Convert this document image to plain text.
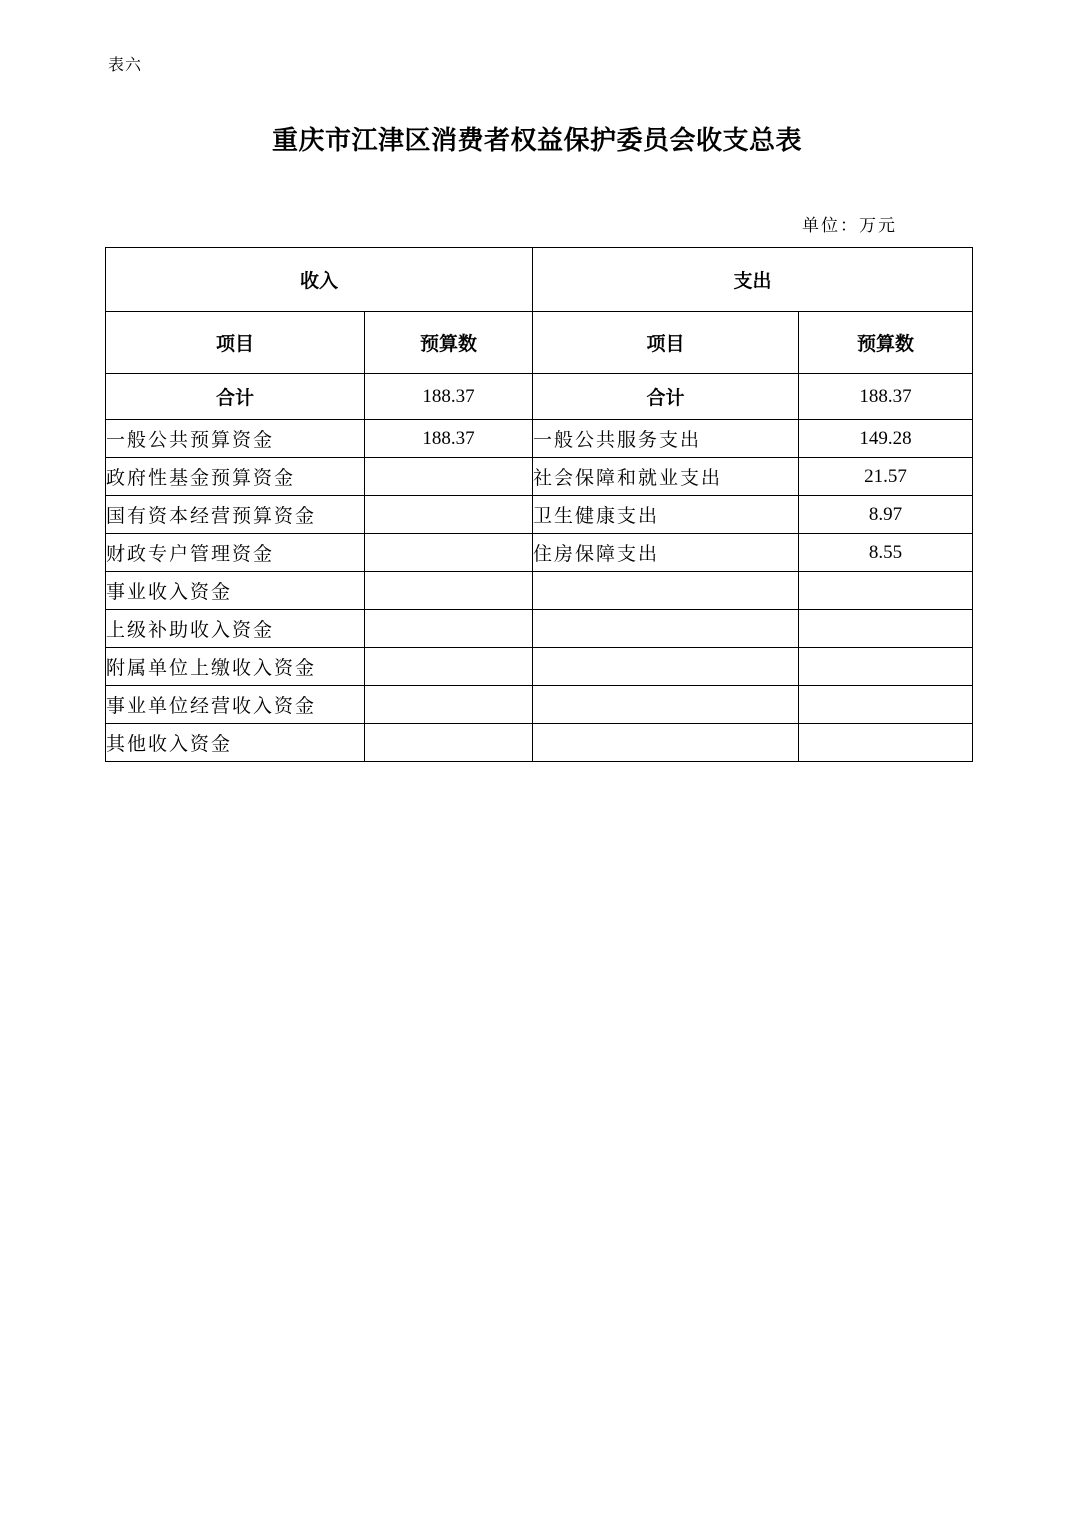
表六
重庆市江津区消费者权益保护委员会收支总表
单位：万元
收入		支出	
项目	预算数	项目	预算数
合计	188.37	合计	188.37
一般公共预算资金	188.37	一般公共服务支出	149.28
政府性基金预算资金		社会保障和就业支出	21.57
国有资本经营预算资金		卫生健康支出	8.97
财政专户管理资金		住房保障支出	8.55
事业收入资金			
上级补助收入资金			
附属单位上缴收入资金			
事业单位经营收入资金			
其他收入资金			
